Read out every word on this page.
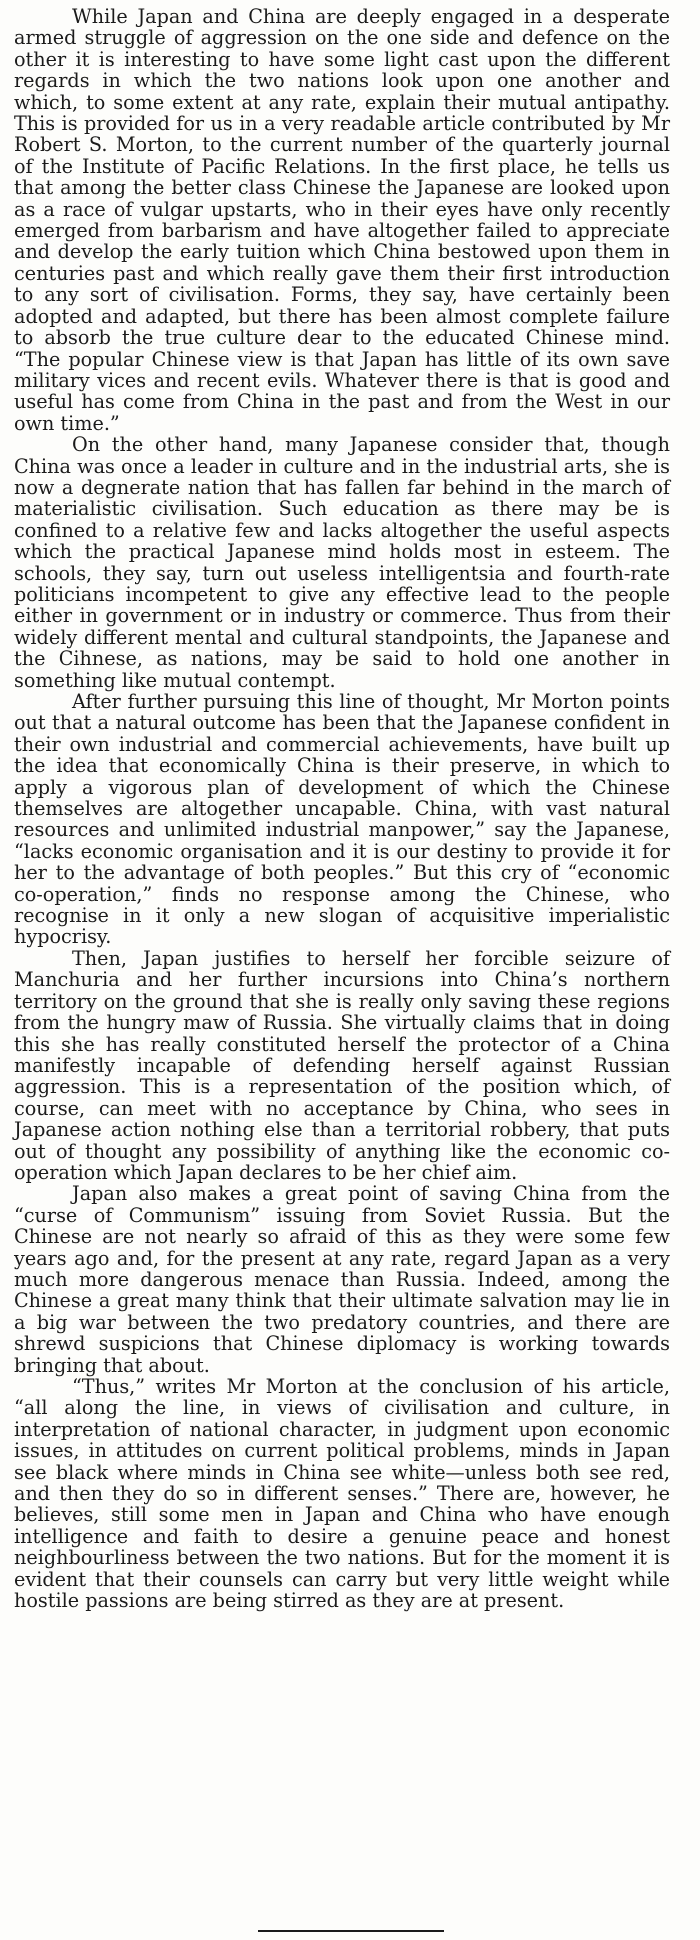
While Japan and China are deeply engaged in a desperate armed struggle of aggression on the one side and defence on the other it is interesting to have some light cast upon the different regards in which the two nations look upon one another and which, to some extent at any rate, explain their mutual antipathy. This is provided for us in a very readable article contributed by Mr Robert S. Morton, to the current number of the quarterly journal of the Institute of Pacific Relations. In the first place, he tells us that among the better class Chinese the Japanese are looked upon as a race of vulgar upstarts, who in their eyes have only recently emerged from barbarism and have altogether failed to appreciate and develop the early tuition which China bestowed upon them in centuries past and which really gave them their first introduction to any sort of civilisation. Forms, they say, have certainly been adopted and adapted, but there has been almost complete failure to absorb the true culture dear to the educated Chinese mind. “The popular Chinese view is that Japan has little of its own save military vices and recent evils. Whatever there is that is good and useful has come from China in the past and from the West in our own time.”

On the other hand, many Japanese consider that, though China was once a leader in culture and in the industrial arts, she is now a degnerate nation that has fallen far behind in the march of materialistic civilisation. Such education as there may be is confined to a relative few and lacks altogether the useful aspects which the practical Japanese mind holds most in esteem. The schools, they say, turn out useless intelligentsia and fourth-rate politicians incompetent to give any effective lead to the people either in government or in industry or commerce. Thus from their widely different mental and cultural standpoints, the Japanese and the Cihnese, as nations, may be said to hold one another in something like mutual contempt.

After further pursuing this line of thought, Mr Morton points out that a natural outcome has been that the Japanese confident in their own industrial and commercial achievements, have built up the idea that economically China is their preserve, in which to apply a vigorous plan of development of which the Chinese themselves are altogether uncapable. China, with vast natural resources and unlimited industrial manpower,” say the Japanese, “lacks economic organisation and it is our destiny to provide it for her to the advantage of both peoples.” But this cry of “economic co-operation,” finds no response among the Chinese, who recognise in it only a new slogan of acquisitive imperialistic hypocrisy.

Then, Japan justifies to herself her forcible seizure of Manchuria and her further incursions into China’s northern territory on the ground that she is really only saving these regions from the hungry maw of Russia. She virtually claims that in doing this she has really constituted herself the protector of a China manifestly incapable of defending herself against Russian aggression. This is a representation of the position which, of course, can meet with no acceptance by China, who sees in Japanese action nothing else than a territorial robbery, that puts out of thought any possibility of anything like the economic co-operation which Japan declares to be her chief aim.

Japan also makes a great point of saving China from the “curse of Communism” issuing from Soviet Russia. But the Chinese are not nearly so afraid of this as they were some few years ago and, for the present at any rate, regard Japan as a very much more dangerous menace than Russia. Indeed, among the Chinese a great many think that their ultimate salvation may lie in a big war between the two predatory countries, and there are shrewd suspicions that Chinese diplomacy is working towards bringing that about.

“Thus,” writes Mr Morton at the conclusion of his article, “all along the line, in views of civilisation and culture, in interpretation of national character, in judgment upon economic issues, in attitudes on current political problems, minds in Japan see black where minds in China see white—unless both see red, and then they do so in different senses.” There are, however, he believes, still some men in Japan and China who have enough intelligence and faith to desire a genuine peace and honest neighbourliness between the two nations. But for the moment it is evident that their counsels can carry but very little weight while hostile passions are being stirred as they are at present.
